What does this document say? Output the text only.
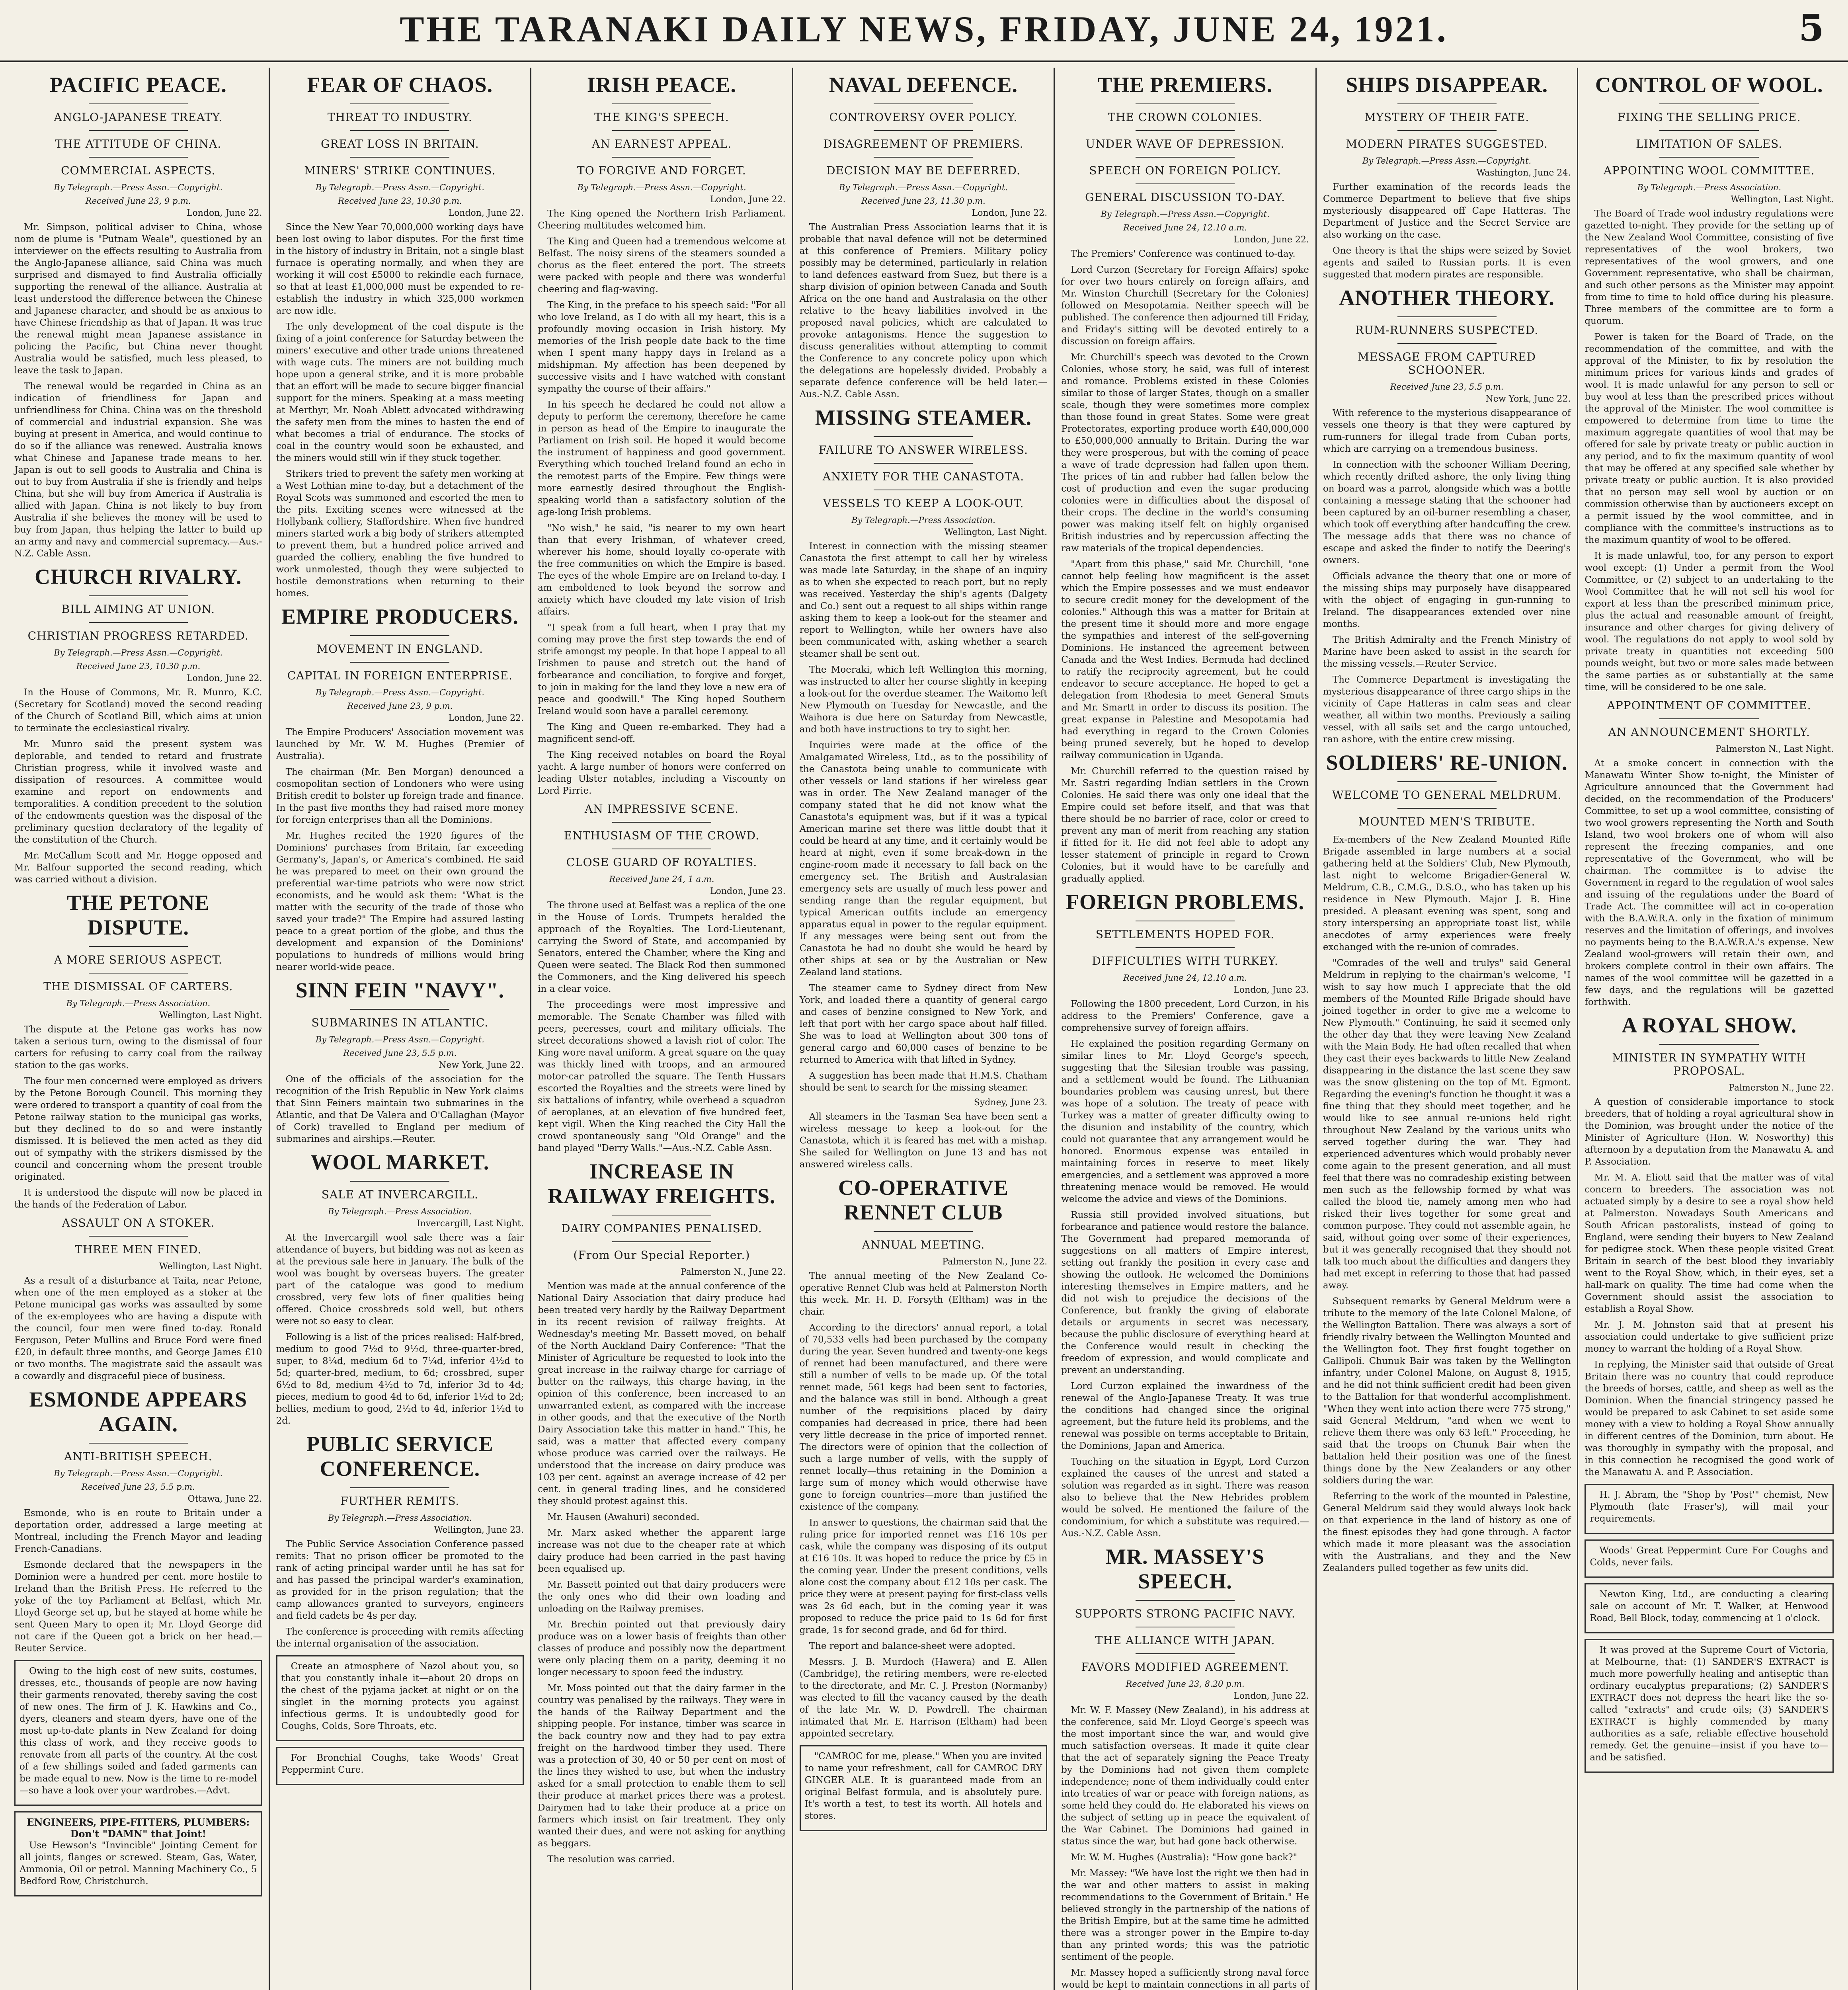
THE TARANAKI DAILY NEWS, FRIDAY, JUNE 24, 1921.	5
PACIFIC PEACE.
ANGLO-JAPANESE TREATY.
THE ATTITUDE OF CHINA.
COMMERCIAL ASPECTS.
By Telegraph.—Press Assn.—Copyright.
Received June 23, 9 p.m.
London, June 22.

Mr. Simpson, political adviser to China, whose nom de plume is "Putnam Weale", questioned by an interviewer on the effects resulting to Australia from the Anglo-Japanese alliance, said China was much surprised and dismayed to find Australia officially supporting the renewal of the alliance. Australia at least understood the difference between the Chinese and Japanese character, and should be as anxious to have Chinese friendship as that of Japan. It was true the renewal might mean Japanese assistance in policing the Pacific, but China never thought Australia would be satisfied, much less pleased, to leave the task to Japan.

The renewal would be regarded in China as an indication of friendliness for Japan and unfriendliness for China. China was on the threshold of commercial and industrial expansion. She was buying at present in America, and would continue to do so if the alliance was renewed. Australia knows what Chinese and Japanese trade means to her. Japan is out to sell goods to Australia and China is out to buy from Australia if she is friendly and helps China, but she will buy from America if Australia is allied with Japan. China is not likely to buy from Australia if she believes the money will be used to buy from Japan, thus helping the latter to build up an army and navy and commercial supremacy.—Aus.-N.Z. Cable Assn.

CHURCH RIVALRY.
BILL AIMING AT UNION.
CHRISTIAN PROGRESS RETARDED.
By Telegraph.—Press Assn.—Copyright.
Received June 23, 10.30 p.m.
London, June 22.

In the House of Commons, Mr. R. Munro, K.C. (Secretary for Scotland) moved the second reading of the Church of Scotland Bill, which aims at union to terminate the ecclesiastical rivalry.

Mr. Munro said the present system was deplorable, and tended to retard and frustrate Christian progress, while it involved waste and dissipation of resources. A committee would examine and report on endowments and temporalities. A condition precedent to the solution of the endowments question was the disposal of the preliminary question declaratory of the legality of the constitution of the Church.

Mr. McCallum Scott and Mr. Hogge opposed and Mr. Balfour supported the second reading, which was carried without a division.

THE PETONE DISPUTE.
A MORE SERIOUS ASPECT.
THE DISMISSAL OF CARTERS.
By Telegraph.—Press Association.
Wellington, Last Night.

The dispute at the Petone gas works has now taken a serious turn, owing to the dismissal of four carters for refusing to carry coal from the railway station to the gas works.

The four men concerned were employed as drivers by the Petone Borough Council. This morning they were ordered to transport a quantity of coal from the Petone railway station to the municipal gas works, but they declined to do so and were instantly dismissed. It is believed the men acted as they did out of sympathy with the strikers dismissed by the council and concerning whom the present trouble originated.

It is understood the dispute will now be placed in the hands of the Federation of Labor.

ASSAULT ON A STOKER.
THREE MEN FINED.
Wellington, Last Night.

As a result of a disturbance at Taita, near Petone, when one of the men employed as a stoker at the Petone municipal gas works was assaulted by some of the ex-employees who are having a dispute with the council, four men were fined to-day. Ronald Ferguson, Peter Mullins and Bruce Ford were fined £20, in default three months, and George James £10 or two months. The magistrate said the assault was a cowardly and disgraceful piece of business.

ESMONDE APPEARS AGAIN.
ANTI-BRITISH SPEECH.
By Telegraph.—Press Assn.—Copyright.
Received June 23, 5.5 p.m.
Ottawa, June 22.

Esmonde, who is en route to Britain under a deportation order, addressed a large meeting at Montreal, including the French Mayor and leading French-Canadians.

Esmonde declared that the newspapers in the Dominion were a hundred per cent. more hostile to Ireland than the British Press. He referred to the yoke of the toy Parliament at Belfast, which Mr. Lloyd George set up, but he stayed at home while he sent Queen Mary to open it; Mr. Lloyd George did not care if the Queen got a brick on her head.—Reuter Service.

Owing to the high cost of new suits, costumes, dresses, etc., thousands of people are now having their garments renovated, thereby saving the cost of new ones. The firm of J. K. Hawkins and Co., dyers, cleaners and steam dyers, have one of the most up-to-date plants in New Zealand for doing this class of work, and they receive goods to renovate from all parts of the country. At the cost of a few shillings soiled and faded garments can be made equal to new. Now is the time to re-model—so have a look over your wardrobes.—Advt.

ENGINEERS, PIPE-FITTERS, PLUMBERS: Don't "DAMN" that Joint!

Use Hewson's "Invincible" Jointing Cement for all joints, flanges or screwed. Steam, Gas, Water, Ammonia, Oil or petrol. Manning Machinery Co., 5 Bedford Row, Christchurch.

FEAR OF CHAOS.
THREAT TO INDUSTRY.
GREAT LOSS IN BRITAIN.
MINERS' STRIKE CONTINUES.
By Telegraph.—Press Assn.—Copyright.
Received June 23, 10.30 p.m.
London, June 22.

Since the New Year 70,000,000 working days have been lost owing to labor disputes. For the first time in the history of industry in Britain, not a single blast furnace is operating normally, and when they are working it will cost £5000 to rekindle each furnace, so that at least £1,000,000 must be expended to re-establish the industry in which 325,000 workmen are now idle.

The only development of the coal dispute is the fixing of a joint conference for Saturday between the miners' executive and other trade unions threatened with wage cuts. The miners are not building much hope upon a general strike, and it is more probable that an effort will be made to secure bigger financial support for the miners. Speaking at a mass meeting at Merthyr, Mr. Noah Ablett advocated withdrawing the safety men from the mines to hasten the end of what becomes a trial of endurance. The stocks of coal in the country would soon be exhausted, and the miners would still win if they stuck together.

Strikers tried to prevent the safety men working at a West Lothian mine to-day, but a detachment of the Royal Scots was summoned and escorted the men to the pits. Exciting scenes were witnessed at the Hollybank colliery, Staffordshire. When five hundred miners started work a big body of strikers attempted to prevent them, but a hundred police arrived and guarded the colliery, enabling the five hundred to work unmolested, though they were subjected to hostile demonstrations when returning to their homes.

EMPIRE PRODUCERS.
MOVEMENT IN ENGLAND.
CAPITAL IN FOREIGN ENTERPRISE.
By Telegraph.—Press Assn.—Copyright.
Received June 23, 9 p.m.
London, June 22.

The Empire Producers' Association movement was launched by Mr. W. M. Hughes (Premier of Australia).

The chairman (Mr. Ben Morgan) denounced a cosmopolitan section of Londoners who were using British credit to bolster up foreign trade and finance. In the past five months they had raised more money for foreign enterprises than all the Dominions.

Mr. Hughes recited the 1920 figures of the Dominions' purchases from Britain, far exceeding Germany's, Japan's, or America's combined. He said he was prepared to meet on their own ground the preferential war-time patriots who were now strict economists, and he would ask them: "What is the matter with the security of the trade of those who saved your trade?" The Empire had assured lasting peace to a great portion of the globe, and thus the development and expansion of the Dominions' populations to hundreds of millions would bring nearer world-wide peace.

SINN FEIN "NAVY".
SUBMARINES IN ATLANTIC.
By Telegraph.—Press Assn.—Copyright.
Received June 23, 5.5 p.m.
New York, June 22.

One of the officials of the association for the recognition of the Irish Republic in New York claims that Sinn Feiners maintain two submarines in the Atlantic, and that De Valera and O'Callaghan (Mayor of Cork) travelled to England per medium of submarines and airships.—Reuter.

WOOL MARKET.
SALE AT INVERCARGILL.
By Telegraph.—Press Association.
Invercargill, Last Night.

At the Invercargill wool sale there was a fair attendance of buyers, but bidding was not as keen as at the previous sale here in January. The bulk of the wool was bought by overseas buyers. The greater part of the catalogue was good to medium crossbred, very few lots of finer qualities being offered. Choice crossbreds sold well, but others were not so easy to clear.

Following is a list of the prices realised: Half-bred, medium to good 7½d to 9½d, three-quarter-bred, super, to 8¼d, medium 6d to 7¼d, inferior 4½d to 5d; quarter-bred, medium, to 6d; crossbred, super 6½d to 8d, medium 4½d to 7d, inferior 3d to 4d; pieces, medium to good 4d to 6d, inferior 1½d to 2d; bellies, medium to good, 2½d to 4d, inferior 1½d to 2d.

PUBLIC SERVICE CONFERENCE.
FURTHER REMITS.
By Telegraph.—Press Association.
Wellington, June 23.

The Public Service Association Conference passed remits: That no prison officer be promoted to the rank of acting principal warder until he has sat for and has passed the principal warder's examination, as provided for in the prison regulation; that the camp allowances granted to surveyors, engineers and field cadets be 4s per day.

The conference is proceeding with remits affecting the internal organisation of the association.

Create an atmosphere of Nazol about you, so that you constantly inhale it—about 20 drops on the chest of the pyjama jacket at night or on the singlet in the morning protects you against infectious germs. It is undoubtedly good for Coughs, Colds, Sore Throats, etc.

For Bronchial Coughs, take Woods' Great Peppermint Cure.

IRISH PEACE.
THE KING'S SPEECH.
AN EARNEST APPEAL.
TO FORGIVE AND FORGET.
By Telegraph.—Press Assn.—Copyright.
London, June 22.

The King opened the Northern Irish Parliament. Cheering multitudes welcomed him.

The King and Queen had a tremendous welcome at Belfast. The noisy sirens of the steamers sounded a chorus as the fleet entered the port. The streets were packed with people and there was wonderful cheering and flag-waving.

The King, in the preface to his speech said: "For all who love Ireland, as I do with all my heart, this is a profoundly moving occasion in Irish history. My memories of the Irish people date back to the time when I spent many happy days in Ireland as a midshipman. My affection has been deepened by successive visits and I have watched with constant sympathy the course of their affairs."

In his speech he declared he could not allow a deputy to perform the ceremony, therefore he came in person as head of the Empire to inaugurate the Parliament on Irish soil. He hoped it would become the instrument of happiness and good government. Everything which touched Ireland found an echo in the remotest parts of the Empire. Few things were more earnestly desired throughout the English-speaking world than a satisfactory solution of the age-long Irish problems.

"No wish," he said, "is nearer to my own heart than that every Irishman, of whatever creed, wherever his home, should loyally co-operate with the free communities on which the Empire is based. The eyes of the whole Empire are on Ireland to-day. I am emboldened to look beyond the sorrow and anxiety which have clouded my late vision of Irish affairs.

"I speak from a full heart, when I pray that my coming may prove the first step towards the end of strife amongst my people. In that hope I appeal to all Irishmen to pause and stretch out the hand of forbearance and conciliation, to forgive and forget, to join in making for the land they love a new era of peace and goodwill." The King hoped Southern Ireland would soon have a parallel ceremony.

The King and Queen re-embarked. They had a magnificent send-off.

The King received notables on board the Royal yacht. A large number of honors were conferred on leading Ulster notables, including a Viscounty on Lord Pirrie.

AN IMPRESSIVE SCENE.
ENTHUSIASM OF THE CROWD.
CLOSE GUARD OF ROYALTIES.
Received June 24, 1 a.m.
London, June 23.

The throne used at Belfast was a replica of the one in the House of Lords. Trumpets heralded the approach of the Royalties. The Lord-Lieutenant, carrying the Sword of State, and accompanied by Senators, entered the Chamber, where the King and Queen were seated. The Black Rod then summoned the Commoners, and the King delivered his speech in a clear voice.

The proceedings were most impressive and memorable. The Senate Chamber was filled with peers, peeresses, court and military officials. The street decorations showed a lavish riot of color. The King wore naval uniform. A great square on the quay was thickly lined with troops, and an armoured motor-car patrolled the square. The Tenth Hussars escorted the Royalties and the streets were lined by six battalions of infantry, while overhead a squadron of aeroplanes, at an elevation of five hundred feet, kept vigil. When the King reached the City Hall the crowd spontaneously sang "Old Orange" and the band played "Derry Walls."—Aus.-N.Z. Cable Assn.

INCREASE IN RAILWAY FREIGHTS.
DAIRY COMPANIES PENALISED.
(From Our Special Reporter.)
Palmerston N., June 22.

Mention was made at the annual conference of the National Dairy Association that dairy produce had been treated very hardly by the Railway Department in its recent revision of railway freights. At Wednesday's meeting Mr. Bassett moved, on behalf of the North Auckland Dairy Conference: "That the Minister of Agriculture be requested to look into the great increase in the railway charge for carriage of butter on the railways, this charge having, in the opinion of this conference, been increased to an unwarranted extent, as compared with the increase in other goods, and that the executive of the North Dairy Association take this matter in hand." This, he said, was a matter that affected every company whose produce was carried over the railways. He understood that the increase on dairy produce was 103 per cent. against an average increase of 42 per cent. in general trading lines, and he considered they should protest against this.

Mr. Hausen (Awahuri) seconded.

Mr. Marx asked whether the apparent large increase was not due to the cheaper rate at which dairy produce had been carried in the past having been equalised up.

Mr. Bassett pointed out that dairy producers were the only ones who did their own loading and unloading on the Railway premises.

Mr. Brechin pointed out that previously dairy produce was on a lower basis of freights than other classes of produce and possibly now the department were only placing them on a parity, deeming it no longer necessary to spoon feed the industry.

Mr. Moss pointed out that the dairy farmer in the country was penalised by the railways. They were in the hands of the Railway Department and the shipping people. For instance, timber was scarce in the back country now and they had to pay extra freight on the hardwood timber they used. There was a protection of 30, 40 or 50 per cent on most of the lines they wished to use, but when the industry asked for a small protection to enable them to sell their produce at market prices there was a protest. Dairymen had to take their produce at a price on farmers which insist on fair treatment. They only wanted their dues, and were not asking for anything as beggars.

The resolution was carried.

NAVAL DEFENCE.
CONTROVERSY OVER POLICY.
DISAGREEMENT OF PREMIERS.
DECISION MAY BE DEFERRED.
By Telegraph.—Press Assn.—Copyright.
Received June 23, 11.30 p.m.
London, June 22.

The Australian Press Association learns that it is probable that naval defence will not be determined at this conference of Premiers. Military policy possibly may be determined, particularly in relation to land defences eastward from Suez, but there is a sharp division of opinion between Canada and South Africa on the one hand and Australasia on the other relative to the heavy liabilities involved in the proposed naval policies, which are calculated to provoke antagonisms. Hence the suggestion to discuss generalities without attempting to commit the Conference to any concrete policy upon which the delegations are hopelessly divided. Probably a separate defence conference will be held later.—Aus.-N.Z. Cable Assn.

MISSING STEAMER.
FAILURE TO ANSWER WIRELESS.
ANXIETY FOR THE CANASTOTA.
VESSELS TO KEEP A LOOK-OUT.
By Telegraph.—Press Association.
Wellington, Last Night.

Interest in connection with the missing steamer Canastota the first attempt to call her by wireless was made late Saturday, in the shape of an inquiry as to when she expected to reach port, but no reply was received. Yesterday the ship's agents (Dalgety and Co.) sent out a request to all ships within range asking them to keep a look-out for the steamer and report to Wellington, while her owners have also been communicated with, asking whether a search steamer shall be sent out.

The Moeraki, which left Wellington this morning, was instructed to alter her course slightly in keeping a look-out for the overdue steamer. The Waitomo left New Plymouth on Tuesday for Newcastle, and the Waihora is due here on Saturday from Newcastle, and both have instructions to try to sight her.

Inquiries were made at the office of the Amalgamated Wireless, Ltd., as to the possibility of the Canastota being unable to communicate with other vessels or land stations if her wireless gear was in order. The New Zealand manager of the company stated that he did not know what the Canastota's equipment was, but if it was a typical American marine set there was little doubt that it could be heard at any time, and it certainly would be heard at night, even if some break-down in the engine-room made it necessary to fall back on the emergency set. The British and Australasian emergency sets are usually of much less power and sending range than the regular equipment, but typical American outfits include an emergency apparatus equal in power to the regular equipment. If any messages were being sent out from the Canastota he had no doubt she would be heard by other ships at sea or by the Australian or New Zealand land stations.

The steamer came to Sydney direct from New York, and loaded there a quantity of general cargo and cases of benzine consigned to New York, and left that port with her cargo space about half filled. She was to load at Wellington about 300 tons of general cargo and 60,000 cases of benzine to be returned to America with that lifted in Sydney.

A suggestion has been made that H.M.S. Chatham should be sent to search for the missing steamer.

Sydney, June 23.

All steamers in the Tasman Sea have been sent a wireless message to keep a look-out for the Canastota, which it is feared has met with a mishap. She sailed for Wellington on June 13 and has not answered wireless calls.

CO-OPERATIVE RENNET CLUB
ANNUAL MEETING.
Palmerston N., June 22.

The annual meeting of the New Zealand Co-operative Rennet Club was held at Palmerston North this week. Mr. H. D. Forsyth (Eltham) was in the chair.

According to the directors' annual report, a total of 70,533 vells had been purchased by the company during the year. Seven hundred and twenty-one kegs of rennet had been manufactured, and there were still a number of vells to be made up. Of the total rennet made, 561 kegs had been sent to factories, and the balance was still in bond. Although a great number of the requisitions placed by dairy companies had decreased in price, there had been very little decrease in the price of imported rennet. The directors were of opinion that the collection of such a large number of vells, with the supply of rennet locally—thus retaining in the Dominion a large sum of money which would otherwise have gone to foreign countries—more than justified the existence of the company.

In answer to questions, the chairman said that the ruling price for imported rennet was £16 10s per cask, while the company was disposing of its output at £16 10s. It was hoped to reduce the price by £5 in the coming year. Under the present conditions, vells alone cost the company about £12 10s per cask. The price they were at present paying for first-class vells was 2s 6d each, but in the coming year it was proposed to reduce the price paid to 1s 6d for first grade, 1s for second grade, and 6d for third.

The report and balance-sheet were adopted.

Messrs. J. B. Murdoch (Hawera) and E. Allen (Cambridge), the retiring members, were re-elected to the directorate, and Mr. C. J. Preston (Normanby) was elected to fill the vacancy caused by the death of the late Mr. W. D. Powdrell. The chairman intimated that Mr. E. Harrison (Eltham) had been appointed secretary.

"CAMROC for me, please." When you are invited to name your refreshment, call for CAMROC DRY GINGER ALE. It is guaranteed made from an original Belfast formula, and is absolutely pure. It's worth a test, to test its worth. All hotels and stores.

THE PREMIERS.
THE CROWN COLONIES.
UNDER WAVE OF DEPRESSION.
SPEECH ON FOREIGN POLICY.
GENERAL DISCUSSION TO-DAY.
By Telegraph.—Press Assn.—Copyright.
Received June 24, 12.10 a.m.
London, June 22.

The Premiers' Conference was continued to-day.

Lord Curzon (Secretary for Foreign Affairs) spoke for over two hours entirely on foreign affairs, and Mr. Winston Churchill (Secretary for the Colonies) followed on Mesopotamia. Neither speech will be published. The conference then adjourned till Friday, and Friday's sitting will be devoted entirely to a discussion on foreign affairs.

Mr. Churchill's speech was devoted to the Crown Colonies, whose story, he said, was full of interest and romance. Problems existed in these Colonies similar to those of larger States, though on a smaller scale, though they were sometimes more complex than those found in great States. Some were great Protectorates, exporting produce worth £40,000,000 to £50,000,000 annually to Britain. During the war they were prosperous, but with the coming of peace a wave of trade depression had fallen upon them. The prices of tin and rubber had fallen below the cost of production and even the sugar producing colonies were in difficulties about the disposal of their crops. The decline in the world's consuming power was making itself felt on highly organised British industries and by repercussion affecting the raw materials of the tropical dependencies.

"Apart from this phase," said Mr. Churchill, "one cannot help feeling how magnificent is the asset which the Empire possesses and we must endeavor to secure credit money for the development of the colonies." Although this was a matter for Britain at the present time it should more and more engage the sympathies and interest of the self-governing Dominions. He instanced the agreement between Canada and the West Indies. Bermuda had declined to ratify the reciprocity agreement, but he could endeavor to secure acceptance. He hoped to get a delegation from Rhodesia to meet General Smuts and Mr. Smartt in order to discuss its position. The great expanse in Palestine and Mesopotamia had had everything in regard to the Crown Colonies being pruned severely, but he hoped to develop railway communication in Uganda.

Mr. Churchill referred to the question raised by Mr. Sastri regarding Indian settlers in the Crown Colonies. He said there was only one ideal that the Empire could set before itself, and that was that there should be no barrier of race, color or creed to prevent any man of merit from reaching any station if fitted for it. He did not feel able to adopt any lesser statement of principle in regard to Crown Colonies, but it would have to be carefully and gradually applied.

FOREIGN PROBLEMS.
SETTLEMENTS HOPED FOR.
DIFFICULTIES WITH TURKEY.
Received June 24, 12.10 a.m.
London, June 23.

Following the 1800 precedent, Lord Curzon, in his address to the Premiers' Conference, gave a comprehensive survey of foreign affairs.

He explained the position regarding Germany on similar lines to Mr. Lloyd George's speech, suggesting that the Silesian trouble was passing, and a settlement would be found. The Lithuanian boundaries problem was causing unrest, but there was hope of a solution. The treaty of peace with Turkey was a matter of greater difficulty owing to the disunion and instability of the country, which could not guarantee that any arrangement would be honored. Enormous expense was entailed in maintaining forces in reserve to meet likely emergencies, and a settlement was approved a more threatening menace would be removed. He would welcome the advice and views of the Dominions.

Russia still provided involved situations, but forbearance and patience would restore the balance. The Government had prepared memoranda of suggestions on all matters of Empire interest, setting out frankly the position in every case and showing the outlook. He welcomed the Dominions interesting themselves in Empire matters, and he did not wish to prejudice the decisions of the Conference, but frankly the giving of elaborate details or arguments in secret was necessary, because the public disclosure of everything heard at the Conference would result in checking the freedom of expression, and would complicate and prevent an understanding.

Lord Curzon explained the inwardness of the renewal of the Anglo-Japanese Treaty. It was true the conditions had changed since the original agreement, but the future held its problems, and the renewal was possible on terms acceptable to Britain, the Dominions, Japan and America.

Touching on the situation in Egypt, Lord Curzon explained the causes of the unrest and stated a solution was regarded as in sight. There was reason also to believe that the New Hebrides problem would be solved. He mentioned the failure of the condominium, for which a substitute was required.—Aus.-N.Z. Cable Assn.

MR. MASSEY'S SPEECH.
SUPPORTS STRONG PACIFIC NAVY.
THE ALLIANCE WITH JAPAN.
FAVORS MODIFIED AGREEMENT.
Received June 23, 8.20 p.m.
London, June 22.

Mr. W. F. Massey (New Zealand), in his address at the conference, said Mr. Lloyd George's speech was the most important since the war, and would give much satisfaction overseas. It made it quite clear that the act of separately signing the Peace Treaty by the Dominions had not given them complete independence; none of them individually could enter into treaties of war or peace with foreign nations, as some held they could do. He elaborated his views on the subject of setting up in peace the equivalent of the War Cabinet. The Dominions had gained in status since the war, but had gone back otherwise.

Mr. W. M. Hughes (Australia): "How gone back?"

Mr. Massey: "We have lost the right we then had in the war and other matters to assist in making recommendations to the Government of Britain." He believed strongly in the partnership of the nations of the British Empire, but at the same time he admitted there was a stronger power in the Empire to-day than any printed words; this was the patriotic sentiment of the people.

Mr. Massey hoped a sufficiently strong naval force would be kept to maintain connections in all parts of

SHIPS DISAPPEAR.
MYSTERY OF THEIR FATE.
MODERN PIRATES SUGGESTED.
By Telegraph.—Press Assn.—Copyright.
Washington, June 24.

Further examination of the records leads the Commerce Department to believe that five ships mysteriously disappeared off Cape Hatteras. The Department of Justice and the Secret Service are also working on the case.

One theory is that the ships were seized by Soviet agents and sailed to Russian ports. It is even suggested that modern pirates are responsible.

ANOTHER THEORY.
RUM-RUNNERS SUSPECTED.
MESSAGE FROM CAPTURED SCHOONER.
Received June 23, 5.5 p.m.
New York, June 22.

With reference to the mysterious disappearance of vessels one theory is that they were captured by rum-runners for illegal trade from Cuban ports, which are carrying on a tremendous business.

In connection with the schooner William Deering, which recently drifted ashore, the only living thing on board was a parrot, alongside which was a bottle containing a message stating that the schooner had been captured by an oil-burner resembling a chaser, which took off everything after handcuffing the crew. The message adds that there was no chance of escape and asked the finder to notify the Deering's owners.

Officials advance the theory that one or more of the missing ships may purposely have disappeared with the object of engaging in gun-running to Ireland. The disappearances extended over nine months.

The British Admiralty and the French Ministry of Marine have been asked to assist in the search for the missing vessels.—Reuter Service.

The Commerce Department is investigating the mysterious disappearance of three cargo ships in the vicinity of Cape Hatteras in calm seas and clear weather, all within two months. Previously a sailing vessel, with all sails set and the cargo untouched, ran ashore, with the entire crew missing.

SOLDIERS' RE-UNION.
WELCOME TO GENERAL MELDRUM.
MOUNTED MEN'S TRIBUTE.

Ex-members of the New Zealand Mounted Rifle Brigade assembled in large numbers at a social gathering held at the Soldiers' Club, New Plymouth, last night to welcome Brigadier-General W. Meldrum, C.B., C.M.G., D.S.O., who has taken up his residence in New Plymouth. Major J. B. Hine presided. A pleasant evening was spent, song and story interspersing an appropriate toast list, while anecdotes of army experiences were freely exchanged with the re-union of comrades.

"Comrades of the well and trulys" said General Meldrum in replying to the chairman's welcome, "I wish to say how much I appreciate that the old members of the Mounted Rifle Brigade should have joined together in order to give me a welcome to New Plymouth." Continuing, he said it seemed only the other day that they were leaving New Zealand with the Main Body. He had often recalled that when they cast their eyes backwards to little New Zealand disappearing in the distance the last scene they saw was the snow glistening on the top of Mt. Egmont. Regarding the evening's function he thought it was a fine thing that they should meet together, and he would like to see annual re-unions held right throughout New Zealand by the various units who served together during the war. They had experienced adventures which would probably never come again to the present generation, and all must feel that there was no comradeship existing between men such as the fellowship formed by what was called the blood tie, namely among men who had risked their lives together for some great and common purpose. They could not assemble again, he said, without going over some of their experiences, but it was generally recognised that they should not talk too much about the difficulties and dangers they had met except in referring to those that had passed away.

Subsequent remarks by General Meldrum were a tribute to the memory of the late Colonel Malone, of the Wellington Battalion. There was always a sort of friendly rivalry between the Wellington Mounted and the Wellington foot. They first fought together on Gallipoli. Chunuk Bair was taken by the Wellington infantry, under Colonel Malone, on August 8, 1915, and he did not think sufficient credit had been given to the Battalion for that wonderful accomplishment. "When they went into action there were 775 strong," said General Meldrum, "and when we went to relieve them there was only 63 left." Proceeding, he said that the troops on Chunuk Bair when the battalion held their position was one of the finest things done by the New Zealanders or any other soldiers during the war.

Referring to the work of the mounted in Palestine, General Meldrum said they would always look back on that experience in the land of history as one of the finest episodes they had gone through. A factor which made it more pleasant was the association with the Australians, and they and the New Zealanders pulled together as few units did.

CONTROL OF WOOL.
FIXING THE SELLING PRICE.
LIMITATION OF SALES.
APPOINTING WOOL COMMITTEE.
By Telegraph.—Press Association.
Wellington, Last Night.

The Board of Trade wool industry regulations were gazetted to-night. They provide for the setting up of the New Zealand Wool Committee, consisting of five representatives of the wool brokers, two representatives of the wool growers, and one Government representative, who shall be chairman, and such other persons as the Minister may appoint from time to time to hold office during his pleasure. Three members of the committee are to form a quorum.

Power is taken for the Board of Trade, on the recommendation of the committee, and with the approval of the Minister, to fix by resolution the minimum prices for various kinds and grades of wool. It is made unlawful for any person to sell or buy wool at less than the prescribed prices without the approval of the Minister. The wool committee is empowered to determine from time to time the maximum aggregate quantities of wool that may be offered for sale by private treaty or public auction in any period, and to fix the maximum quantity of wool that may be offered at any specified sale whether by private treaty or public auction. It is also provided that no person may sell wool by auction or on commission otherwise than by auctioneers except on a permit issued by the wool committee, and in compliance with the committee's instructions as to the maximum quantity of wool to be offered.

It is made unlawful, too, for any person to export wool except: (1) Under a permit from the Wool Committee, or (2) subject to an undertaking to the Wool Committee that he will not sell his wool for export at less than the prescribed minimum price, plus the actual and reasonable amount of freight, insurance and other charges for giving delivery of wool. The regulations do not apply to wool sold by private treaty in quantities not exceeding 500 pounds weight, but two or more sales made between the same parties as or substantially at the same time, will be considered to be one sale.

APPOINTMENT OF COMMITTEE.
AN ANNOUNCEMENT SHORTLY.
Palmerston N., Last Night.

At a smoke concert in connection with the Manawatu Winter Show to-night, the Minister of Agriculture announced that the Government had decided, on the recommendation of the Producers' Committee, to set up a wool committee, consisting of two wool growers representing the North and South Island, two wool brokers one of whom will also represent the freezing companies, and one representative of the Government, who will be chairman. The committee is to advise the Government in regard to the regulation of wool sales and issuing of the regulations under the Board of Trade Act. The committee will act in co-operation with the B.A.W.R.A. only in the fixation of minimum reserves and the limitation of offerings, and involves no payments being to the B.A.W.R.A.'s expense. New Zealand wool-growers will retain their own, and brokers complete control in their own affairs. The names of the wool committee will be gazetted in a few days, and the regulations will be gazetted forthwith.

A ROYAL SHOW.
MINISTER IN SYMPATHY WITH PROPOSAL.
Palmerston N., June 22.

A question of considerable importance to stock breeders, that of holding a royal agricultural show in the Dominion, was brought under the notice of the Minister of Agriculture (Hon. W. Nosworthy) this afternoon by a deputation from the Manawatu A. and P. Association.

Mr. M. A. Eliott said that the matter was of vital concern to breeders. The association was not actuated simply by a desire to see a royal show held at Palmerston. Nowadays South Americans and South African pastoralists, instead of going to England, were sending their buyers to New Zealand for pedigree stock. When these people visited Great Britain in search of the best blood they invariably went to the Royal Show, which, in their eyes, set a hall-mark on quality. The time had come when the Government should assist the association to establish a Royal Show.

Mr. J. M. Johnston said that at present his association could undertake to give sufficient prize money to warrant the holding of a Royal Show.

In replying, the Minister said that outside of Great Britain there was no country that could reproduce the breeds of horses, cattle, and sheep as well as the Dominion. When the financial stringency passed he would be prepared to ask Cabinet to set aside some money with a view to holding a Royal Show annually in different centres of the Dominion, turn about. He was thoroughly in sympathy with the proposal, and in this connection he recognised the good work of the Manawatu A. and P. Association.

H. J. Abram, the "Shop by 'Post'" chemist, New Plymouth (late Fraser's), will mail your requirements.

Woods' Great Peppermint Cure For Coughs and Colds, never fails.

Newton King, Ltd., are conducting a clearing sale on account of Mr. T. Walker, at Henwood Road, Bell Block, today, commencing at 1 o'clock.

It was proved at the Supreme Court of Victoria, at Melbourne, that: (1) SANDER'S EXTRACT is much more powerfully healing and antiseptic than ordinary eucalyptus preparations; (2) SANDER'S EXTRACT does not depress the heart like the so-called "extracts" and crude oils; (3) SANDER'S EXTRACT is highly commended by many authorities as a safe, reliable effective household remedy. Get the genuine—insist if you have to—and be satisfied.
